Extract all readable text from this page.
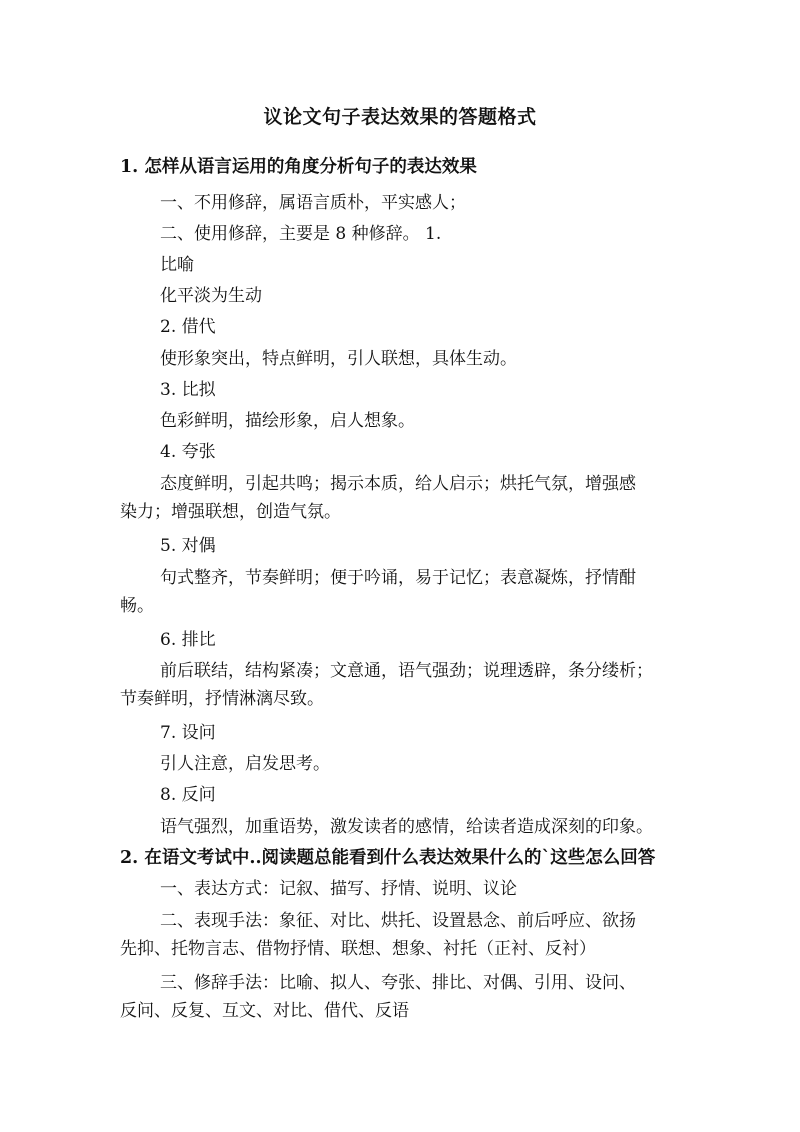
议论文句子表达效果的答题格式
1. 怎样从语言运用的角度分析句子的表达效果
一、不用修辞，属语言质朴，平实感人；
二、使用修辞，主要是 8 种修辞。 1.
比喻
化平淡为生动
2. 借代
使形象突出，特点鲜明，引人联想，具体生动。
3. 比拟
色彩鲜明，描绘形象，启人想象。
4. 夸张
态度鲜明，引起共鸣；揭示本质，给人启示；烘托气氛，增强感
染力；增强联想，创造气氛。
5. 对偶
句式整齐，节奏鲜明；便于吟诵，易于记忆；表意凝炼，抒情酣
畅。
6. 排比
前后联结，结构紧凑；文意通，语气强劲；说理透辟，条分缕析；
节奏鲜明，抒情淋漓尽致。
7. 设问
引人注意，启发思考。
8. 反问
语气强烈，加重语势，激发读者的感情，给读者造成深刻的印象。
2. 在语文考试中..阅读题总能看到什么表达效果什么的`这些怎么回答
一、表达方式：记叙、描写、抒情、说明、议论
二、表现手法：象征、对比、烘托、设置悬念、前后呼应、欲扬
先抑、托物言志、借物抒情、联想、想象、衬托（正衬、反衬）
三、修辞手法：比喻、拟人、夸张、排比、对偶、引用、设问、
反问、反复、互文、对比、借代、反语
